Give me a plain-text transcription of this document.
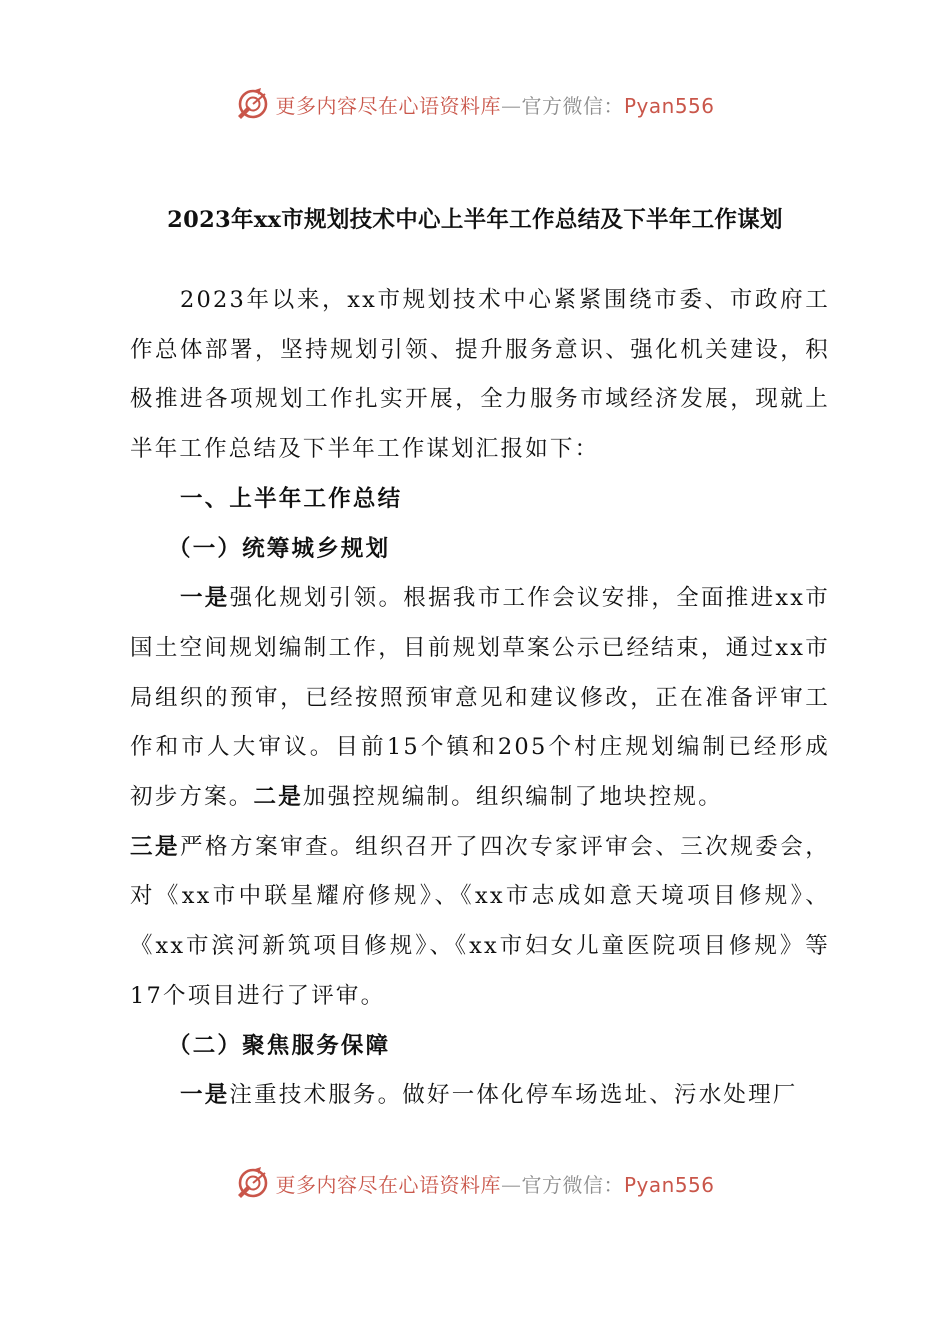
更多内容尽在心语资料库—官方微信：Pyan556
2023年xx市规划技术中心上半年工作总结及下半年工作谋划

2023年以来，xx市规划技术中心紧紧围绕市委、市政府工作总体部署，坚持规划引领、提升服务意识、强化机关建设，积极推进各项规划工作扎实开展，全力服务市域经济发展，现就上半年工作总结及下半年工作谋划汇报如下：

一、上半年工作总结
（一）统筹城乡规划

一是强化规划引领。根据我市工作会议安排，全面推进xx市国土空间规划编制工作，目前规划草案公示已经结束，通过xx市局组织的预审，已经按照预审意见和建议修改，正在准备评审工作和市人大审议。目前15个镇和205个村庄规划编制已经形成初步方案。二是加强控规编制。组织编制了地块控规。
三是严格方案审查。组织召开了四次专家评审会、三次规委会，对《xx市中联星耀府修规》、《xx市志成如意天境项目修规》、《xx市滨河新筑项目修规》、《xx市妇女儿童医院项目修规》等17个项目进行了评审。

（二）聚焦服务保障

一是注重技术服务。做好一体化停车场选址、污水处理厂

更多内容尽在心语资料库—官方微信：Pyan556
